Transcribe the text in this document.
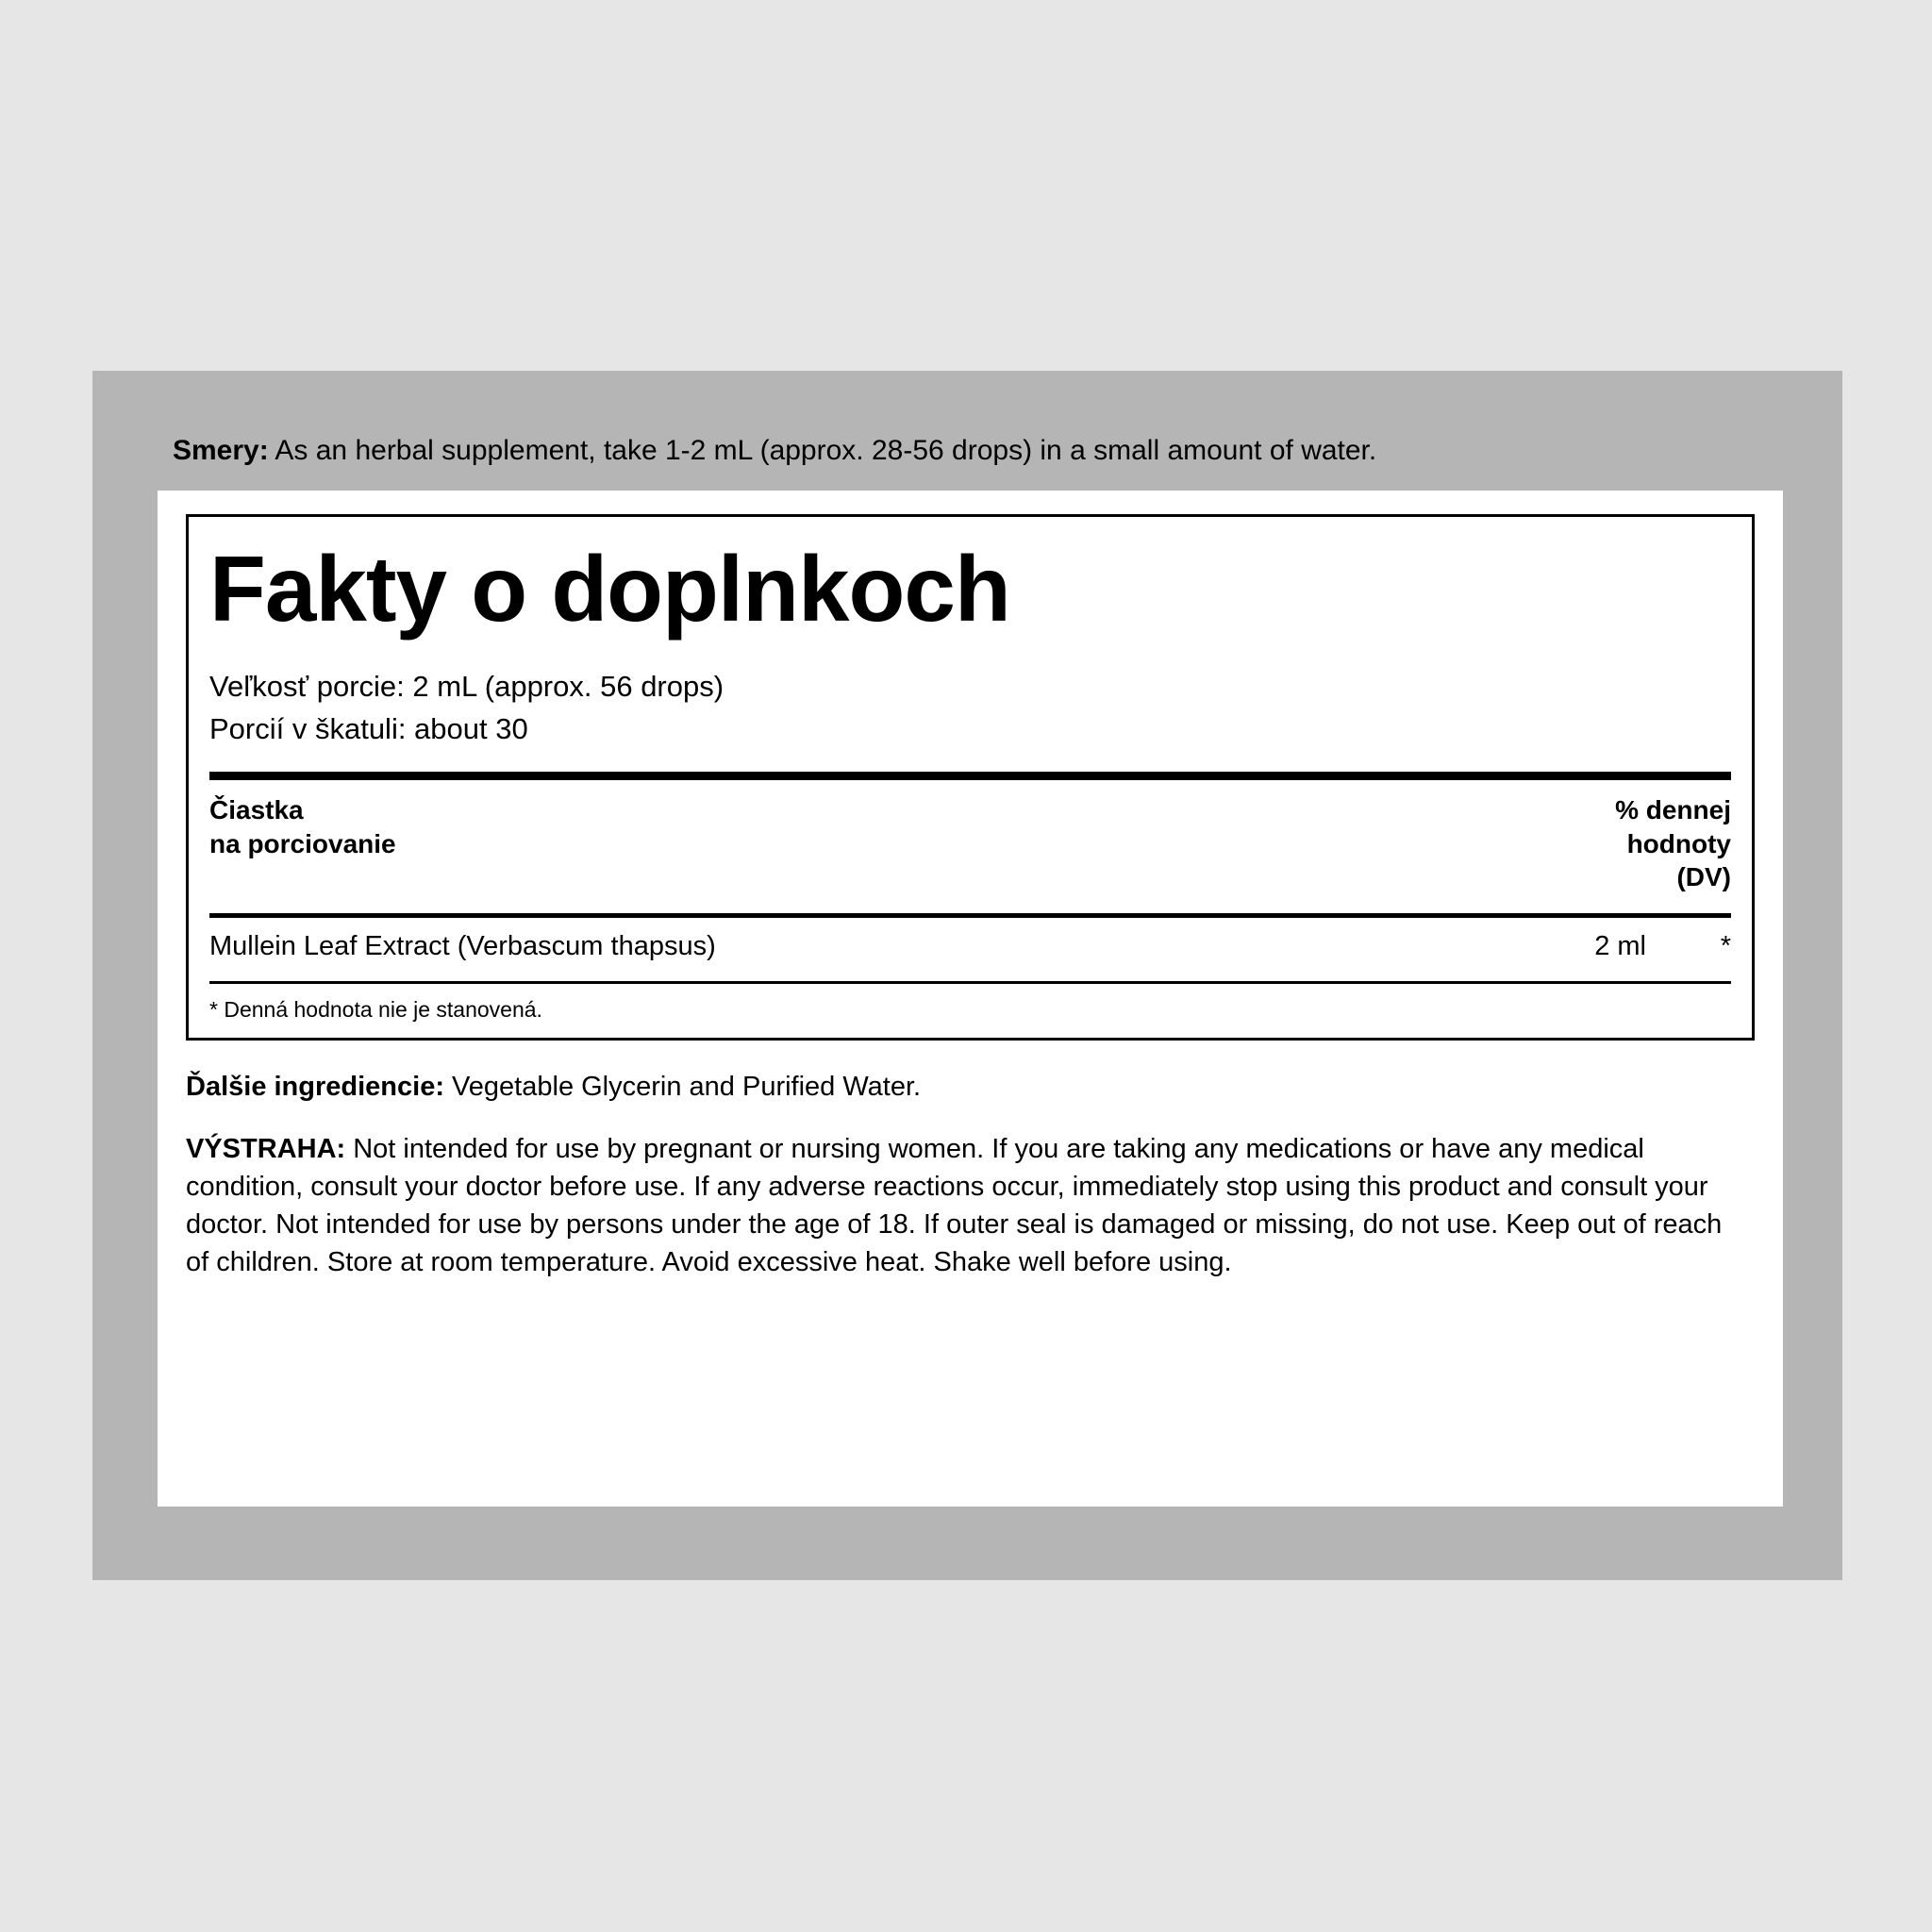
Smery: As an herbal supplement, take 1-2 mL (approx. 28-56 drops) in a small amount of water.
Fakty o doplnkoch
Veľkosť porcie: 2 mL (approx. 56 drops)
Porcií v škatuli: about 30
Čiastka
na porciovanie
% dennej
hodnoty
(DV)
Mullein Leaf Extract (Verbascum thapsus)	2 ml	*
* Denná hodnota nie je stanovená.
Ďalšie ingrediencie: Vegetable Glycerin and Purified Water.
VÝSTRAHA: Not intended for use by pregnant or nursing women. If you are taking any medications or have any medical condition, consult your doctor before use. If any adverse reactions occur, immediately stop using this product and consult your doctor. Not intended for use by persons under the age of 18. If outer seal is damaged or missing, do not use. Keep out of reach of children. Store at room temperature. Avoid excessive heat. Shake well before using.
